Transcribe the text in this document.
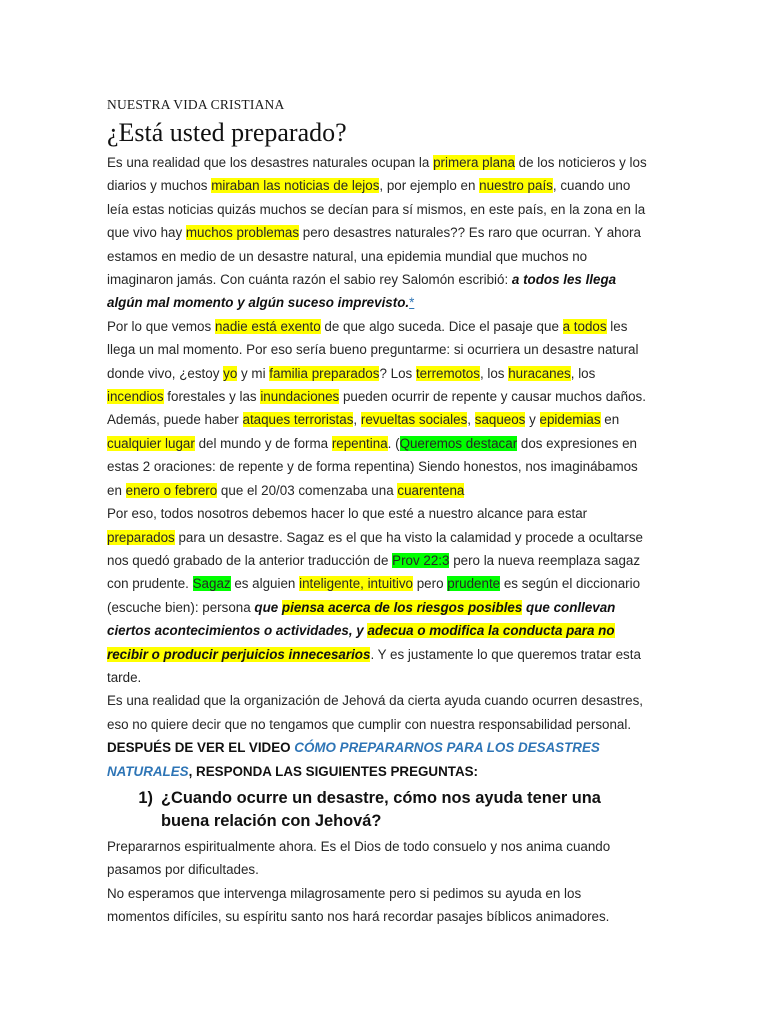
NUESTRA VIDA CRISTIANA
¿Está usted preparado?

Es una realidad que los desastres naturales ocupan la primera plana de los noticieros y los diarios y muchos miraban las noticias de lejos, por ejemplo en nuestro país, cuando uno leía estas noticias quizás muchos se decían para sí mismos, en este país, en la zona en la que vivo hay muchos problemas pero desastres naturales?? Es raro que ocurran. Y ahora estamos en medio de un desastre natural, una epidemia mundial que muchos no imaginaron jamás. Con cuánta razón el sabio rey Salomón escribió: a todos les llega algún mal momento y algún suceso imprevisto.*

Por lo que vemos nadie está exento de que algo suceda. Dice el pasaje que a todos les llega un mal momento. Por eso sería bueno preguntarme: si ocurriera un desastre natural donde vivo, ¿estoy yo y mi familia preparados? Los terremotos, los huracanes, los incendios forestales y las inundaciones pueden ocurrir de repente y causar muchos daños. Además, puede haber ataques terroristas, revueltas sociales, saqueos y epidemias en cualquier lugar del mundo y de forma repentina. (Queremos destacar dos expresiones en estas 2 oraciones: de repente y de forma repentina) Siendo honestos, nos imaginábamos en enero o febrero que el 20/03 comenzaba una cuarentena

Por eso, todos nosotros debemos hacer lo que esté a nuestro alcance para estar preparados para un desastre. Sagaz es el que ha visto la calamidad y procede a ocultarse nos quedó grabado de la anterior traducción de Prov 22:3 pero la nueva reemplaza sagaz con prudente. Sagaz es alguien inteligente, intuitivo pero prudente es según el diccionario (escuche bien): persona que piensa acerca de los riesgos posibles que conllevan ciertos acontecimientos o actividades, y adecua o modifica la conducta para no recibir o producir perjuicios innecesarios. Y es justamente lo que queremos tratar esta tarde.

Es una realidad que la organización de Jehová da cierta ayuda cuando ocurren desastres, eso no quiere decir que no tengamos que cumplir con nuestra responsabilidad personal.

DESPUÉS DE VER EL VIDEO CÓMO PREPARARNOS PARA LOS DESASTRES NATURALES, RESPONDA LAS SIGUIENTES PREGUNTAS:

1) ¿Cuando ocurre un desastre, cómo nos ayuda tener una buena relación con Jehová?

Prepararnos espiritualmente ahora. Es el Dios de todo consuelo y nos anima cuando pasamos por dificultades.

No esperamos que intervenga milagrosamente pero si pedimos su ayuda en los momentos difíciles, su espíritu santo nos hará recordar pasajes bíblicos animadores.
